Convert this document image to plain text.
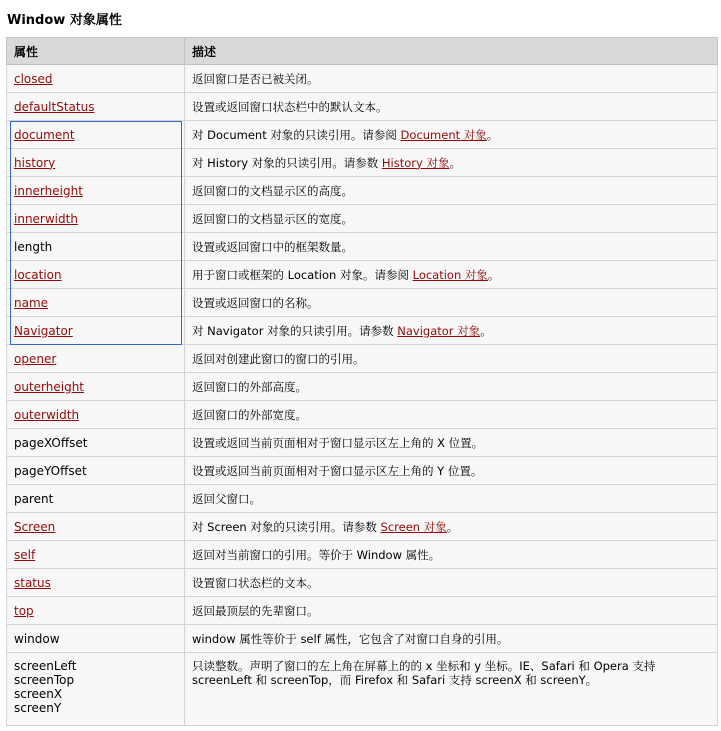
Window 对象属性
属性	描述
closed	返回窗口是否已被关闭。
defaultStatus	设置或返回窗口状态栏中的默认文本。
document	对 Document 对象的只读引用。请参阅 Document 对象。
history	对 History 对象的只读引用。请参数 History 对象。
innerheight	返回窗口的文档显示区的高度。
innerwidth	返回窗口的文档显示区的宽度。
length	设置或返回窗口中的框架数量。
location	用于窗口或框架的 Location 对象。请参阅 Location 对象。
name	设置或返回窗口的名称。
Navigator	对 Navigator 对象的只读引用。请参数 Navigator 对象。
opener	返回对创建此窗口的窗口的引用。
outerheight	返回窗口的外部高度。
outerwidth	返回窗口的外部宽度。
pageXOffset	设置或返回当前页面相对于窗口显示区左上角的 X 位置。
pageYOffset	设置或返回当前页面相对于窗口显示区左上角的 Y 位置。
parent	返回父窗口。
Screen	对 Screen 对象的只读引用。请参数 Screen 对象。
self	返回对当前窗口的引用。等价于 Window 属性。
status	设置窗口状态栏的文本。
top	返回最顶层的先辈窗口。
window	window 属性等价于 self 属性，它包含了对窗口自身的引用。

screenLeft
screenTop
screenX
screenY	只读整数。声明了窗口的左上角在屏幕上的的 x 坐标和 y 坐标。IE、Safari 和 Opera 支持 screenLeft 和 screenTop，而 Firefox 和 Safari 支持 screenX 和 screenY。
